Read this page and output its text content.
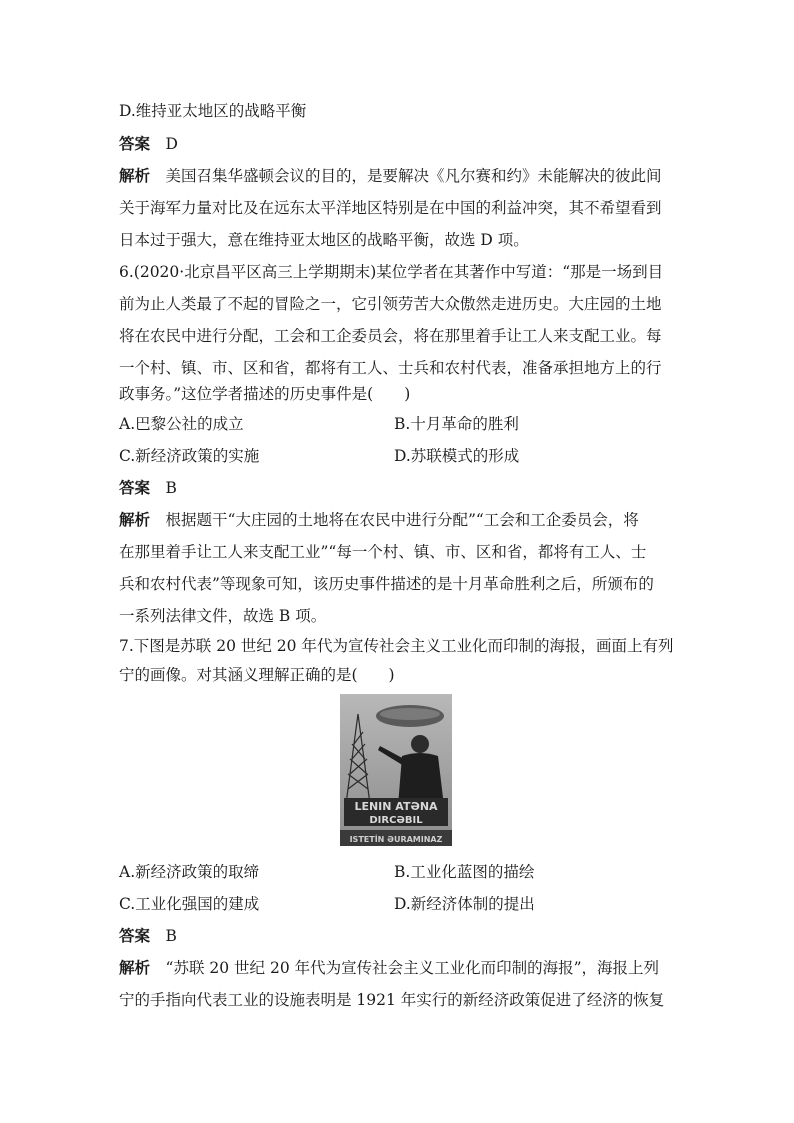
D.维持亚太地区的战略平衡
答案　 D
解析　 美国召集华盛顿会议的目的，是要解决《凡尔赛和约》未能解决的彼此间
关于海军力量对比及在远东太平洋地区特别是在中国的利益冲突，其不希望看到
日本过于强大，意在维持亚太地区的战略平衡，故选 D 项。
6.(2020·北京昌平区高三上学期期末)某位学者在其著作中写道：“那是一场到目
前为止人类最了不起的冒险之一，它引领劳苦大众傲然走进历史。大庄园的土地
将在农民中进行分配，工会和工企委员会，将在那里着手让工人来支配工业。每
一个村、镇、市、区和省，都将有工人、士兵和农村代表，准备承担地方上的行
政事务。”这位学者描述的历史事件是(　　)
A.巴黎公社的成立	B.十月革命的胜利
C.新经济政策的实施	D.苏联模式的形成
答案　 B
解析　 根据题干“大庄园的土地将在农民中进行分配”“工会和工企委员会，将
在那里着手让工人来支配工业”“每一个村、镇、市、区和省，都将有工人、士
兵和农村代表”等现象可知，该历史事件描述的是十月革命胜利之后，所颁布的
一系列法律文件，故选 B 项。
7.下图是苏联 20 世纪 20 年代为宣传社会主义工业化而印制的海报，画面上有列
宁的画像。对其涵义理解正确的是(　　)
LENIN ATƏNA
DIRCƏBIL
ISTETİN ƏURAMINAZ
A.新经济政策的取缔	B.工业化蓝图的描绘
C.工业化强国的建成	D.新经济体制的提出
答案　 B
解析　 “苏联 20 世纪 20 年代为宣传社会主义工业化而印制的海报”，海报上列
宁的手指向代表工业的设施表明是 1921 年实行的新经济政策促进了经济的恢复
